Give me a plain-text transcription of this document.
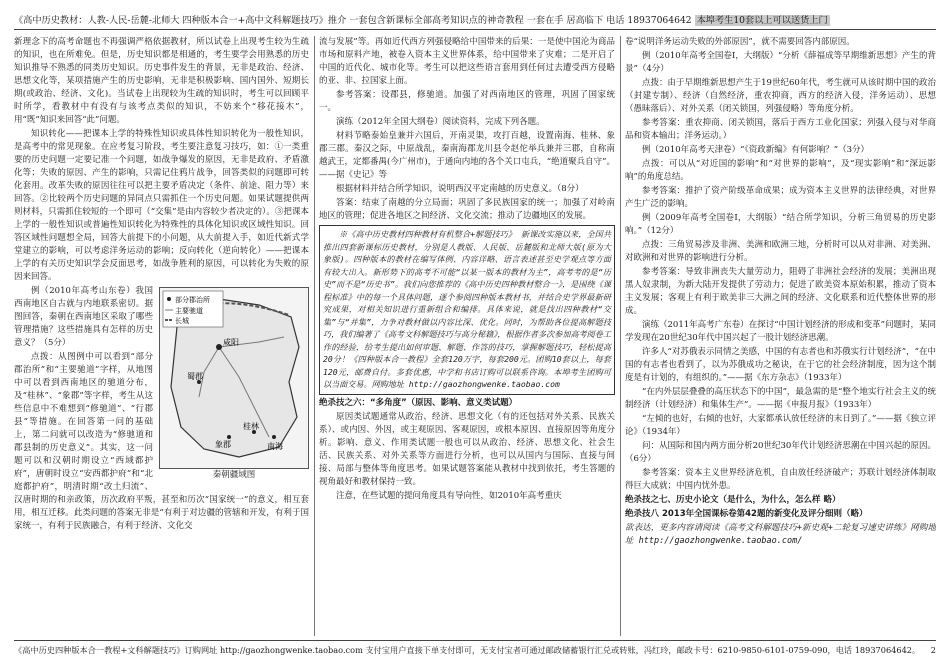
《高中历史教材：人教-人民-岳麓-北师大 四种版本合一+高中文科解题技巧》推介 一套包含新课标全部高考知识点的神奇教程 一套在手 居高临下 电话 18937064642 本埠考生10套以上可以送货上门

新理念下的高考命题也不再强调严格依据教材，所以试卷上出现考生较为生疏的知识，也在所难免。但是，历史知识都是相通的，考生要学会用熟悉的历史知识推导不熟悉的同类历史知识。历史事件发生的背景，无非是政治、经济、思想文化等，某项措施产生的历史影响，无非是积极影响、国内国外、短期长期(或政治、经济、文化)。当试卷上出现较为生疏的知识时，考生可以回顾平时所学，看教材中有没有与该考点类似的知识，不妨来个“移花接木”，用“既”知识来回答“此”问题。

知识转化——把课本上学的特殊性知识或具体性知识转化为一般性知识，是高考中的常见现象。在应考复习阶段，考生要注意复习技巧，如：①一类重要的历史问题一定要记准一个问题，如战争爆发的原因，无非是政府、矛盾激化等；失败的原因、产生的影响，只需记住鸦片战争，回答类似的问题即可转化套用。改革失败的原因往往可以把主要矛盾决定（条件、前途、阻力等）来回答。②比较两个历史问题的异同点只需抓住一个历史问题。如果试题提供两则材料，只需抓住较短的一个即可（“交集”是由内容较少者决定的）。③把课本上学的一般性知识或普遍性知识转化为特殊性的具体化知识或区域性知识。回答区域性问题想全局，回答大前提下的小问题，从大前提入手，如近代新式学堂建立的影响，可以考虑洋务运动的影响；反向转化（逆向转化）——把课本上学的有关历史知识学会反面思考，如战争胜利的原因，可以转化为失败的原因来回答。

咸阳
蜀郡
桂林
象郡	南海
部分郡治所
主要驰道
长城
秦朝疆域图

例（2010年高考山东卷）我国西南地区自古就与内地联系密切。据图回答，秦朝在西南地区采取了哪些管理措施？这些措施具有怎样的历史意义？（5分）

点拨：从图例中可以看到“部分郡治所”和“主要驰道”字样，从地图中可以看到西南地区的驰道分布，及“桂林”、“象郡”等字样，考生从这些信息中不难想到“修驰道”、“行郡县”等措施。在回答第一问的基础上，第二问就可以改造为“修驰道和郡县制的历史意义”。其实，这一问题可以和汉朝时期设立“西域都护府”，唐朝时设立“安西都护府”和“北庭都护府”，明清时期“改土归流”、汉唐时期的和亲政策，历次政府平叛，甚至和历次“国家统一”的意义，相互套用，相互迁移。此类问题的答案无非是“有利于对边疆的管辖和开发，有利于国家统一，有利于民族融合，有利于经济、文化交

流与发展”等。再如近代西方列强侵略给中国带来的后果：一是使中国沦为商品市场和原料产地，被卷入资本主义世界体系，给中国带来了灾难；二是开启了中国的近代化、城市化等。考生可以把这些语言套用到任何过去遭受西方侵略的亚、非、拉国家上面。

参考答案：设郡县，修驰道。加强了对西南地区的管理，巩固了国家统一。

演练（2012年全国大纲卷）阅读资料，完成下列各题。

材料节略泰始皇兼并六国后，开南灵渠，攻打百越，设置南海、桂林、象郡三郡。秦汉之际，中原战乱，秦南海郡龙川县令赵佗举兵兼并三郡，自称南越武王，定都番禺(今广州市)，于通向内地的各个关口屯兵，“绝道聚兵自守”。——据《史记》等

根据材料并结合所学知识，说明西汉平定南越的历史意义。（8分）

答案：结束了南越的分立局面；巩固了多民族国家的统一；加强了对岭南地区的管理；促进各地区之间经济、文化交流；推动了边疆地区的发展。

※《高中历史教材四种教材有机整合+解题技巧》 新课改实施以来，全国共推出四套新课标历史教材，分别是人教版、人民版、岳麓版和北师大版(原为大象版)。四种版本的教材在编写体例、内容详略、语言表述甚至史学观点等方面有较大出入。新形势下的高考不可能“以某一版本的教材为主”，高考考的是“历史”而不是“历史书”。我们向您推荐的《高中历史四种教材整合一》，是围绕《课程标准》中的每一个具体问题，逐个参阅四种版本教材书，并结合史学界最新研究成果，对相关知识进行重新组合和编排。具体来说，就是找出四种教材“交集”与“并集”，力争对教材做以内容比深、优化。同时，为帮助各位提高解题技巧，我们编著了《高考文科解题技巧与高分秘籍》，根据作者多次参加高考阅卷工作的经验，给考生提出如何审题、解题、作答的技巧，掌握解题技巧，轻松提高20分！《四种版本合一教程》全套120万字，每套200元。团购10套以上，每套120元，邮费自付。多套优惠，中学和书店订购可以联系咨询。本埠考生团购可以当面交易。网购地址 http://gaozhongwenke.taobao.com

绝杀技之六：“多角度”（原因、影响、意义类试题）

原因类试题通常从政治、经济、思想文化（有的还包括对外关系、民族关系）、或内因、外因，或主观原因、客观原因，或根本原因、直接原因等角度分析。影响、意义、作用类试题一般也可以从政治、经济、思想文化、社会生活、民族关系、对外关系等方面进行分析，也可以从国内与国际、直接与间接、局部与整体等角度思考。如果试题答案能从教材中找到依托，考生答题的视角最好和教材保持一致。

注意，在些试题的提问角度具有导向性，如2010年高考重庆

卷“说明洋务运动失败的外部原因”，就不需要回答内部原因。

例（2010年高考全国卷Ⅰ，大纲版）“分析《薛福成等早期维新思想》产生的背景”（4分）

点拨：由于早期维新思想产生于19世纪60年代，考生就可从该时期中国的政治（封建专制）、经济（自然经济，重农抑商，西方的经济入侵，洋务运动）、思想（愚昧落后）、对外关系（闭关锁国，列强侵略）等角度分析。

参考答案：重农抑商、闭关锁国，落后于西方工业化国家；列强入侵与对华商品和资本输出；洋务运动。）

例（2010年高考天津卷）“《资政新编》有何影响？”（3分）

点拨：可以从“对近国的影响”和“对世界的影响”，及“现实影响”和“深远影响”的角度总结。

参考答案：推护了资产阶级革命成果；成为资本主义世界的法律经典，对世界产生广泛的影响。

例（2009年高考全国卷Ⅰ，大纲版）“结合所学知识，分析三角贸易的历史影响。”（12分）

点拨：三角贸易涉及非洲、美洲和欧洲三地，分析时可以从对非洲、对美洲、对欧洲和对世界的影响进行分析。

参考答案：导致非洲丧失大量劳动力，阻碍了非洲社会经济的发展；美洲出现黑人奴隶制，为新大陆开发提供了劳动力；促进了欧美资本原始积累，推动了资本主义发展；客观上有利于欧美非三大洲之间的经济、文化联系和近代整体世界的形成。

演练（2011年高考广东卷）在探讨“中国计划经济的形成和变革”问题时，某同学发现在20世纪30年代中国兴起了一股计划经济思潮。

许多人“对苏俄表示同情之美感，中国的有志者也和苏俄实行计划经济”，“在中国的有志者也看到了，以为苏俄成功之秘诀，在于它的社会经济制度，因为这个制度是有计划的，有组织的。”——据《东方杂志》（1933年）

“在内外层层叠叠的高压状态下的中国”，最急需的是“整个地实行社会主义的统制经济（计划经济）和集体生产”。——据《申报月报》（1933年）

“左倾的也好，右倾的也好，大家都承认放任经济的末日到了。”——据《独立评论》（1934年）

问：从国际和国内两方面分析20世纪30年代计划经济思潮在中国兴起的原因。（6分）

参考答案：资本主义世界经济危机，自由放任经济破产；苏联计划经济体制取得巨大成就；中国内忧外患。

绝杀技之七、历史小论文（是什么，为什么，怎么样 略）

绝杀技八 2013年全国课标卷第42题的新变化及评分细则（略）

欲表达，更多内容请阅读《高考文科解题技巧+新史观+二轮复习速史讲练》网购地址 http://gaozhongwenke.taobao.com/

《高中历史四种版本合一教程+文科解题技巧》订购网址 http://gaozhongwenke.taobao.com 支付宝用户直接下单支付即可，无支付宝者可通过邮政储蓄银行汇兑或转账，冯红玲，邮政卡号：6210-9850-6101-0759-090，电话 18937064642。 2
